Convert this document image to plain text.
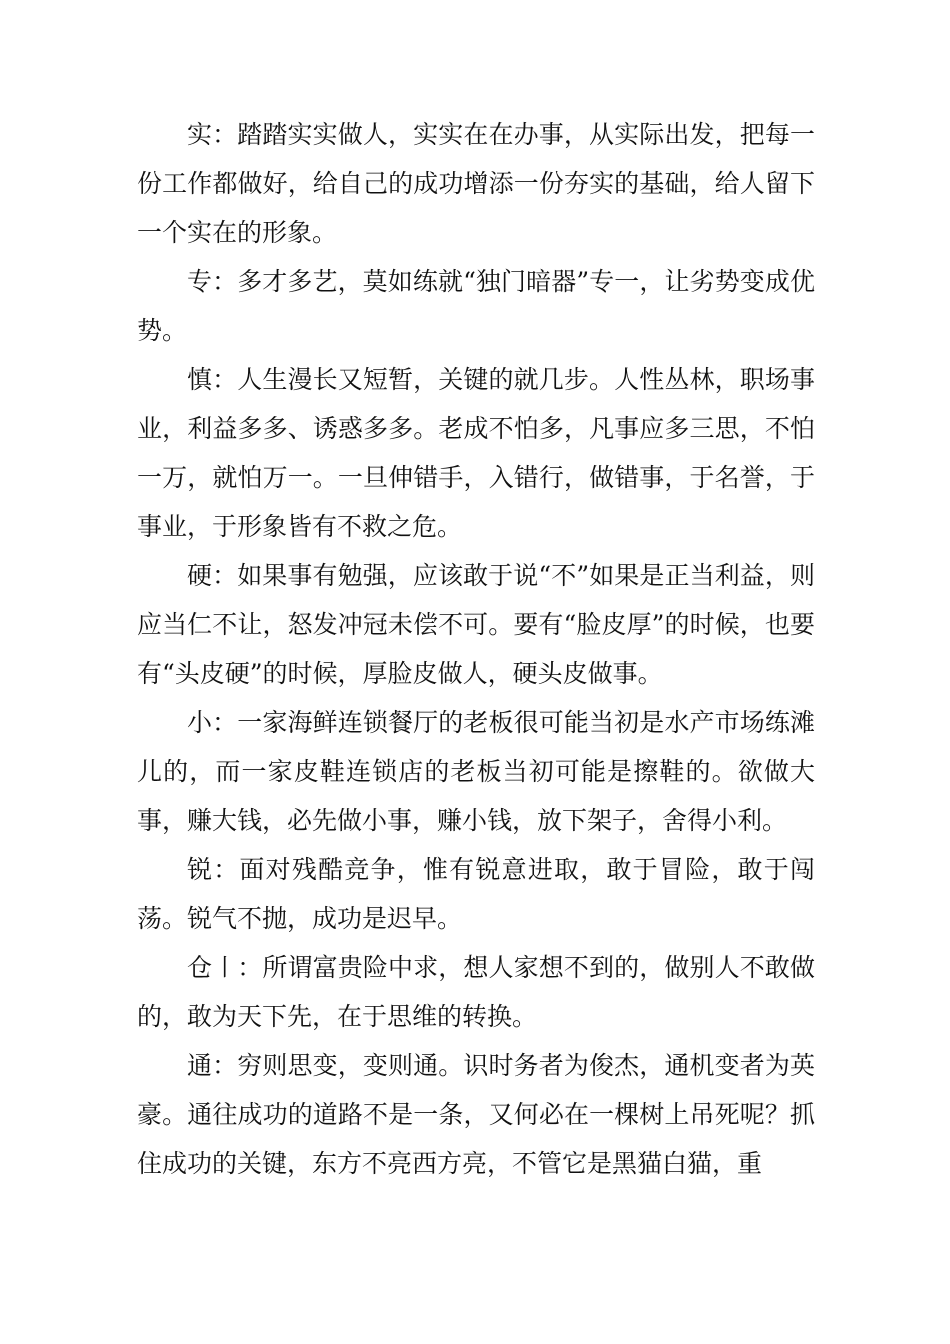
实：踏踏实实做人，实实在在办事，从实际出发，把每一份工作都做好，给自己的成功增添一份夯实的基础，给人留下一个实在的形象。

专：多才多艺，莫如练就“独门暗器”专一，让劣势变成优势。

慎：人生漫长又短暂，关键的就几步。人性丛林，职场事业，利益多多、诱惑多多。老成不怕多，凡事应多三思，不怕一万，就怕万一。一旦伸错手，入错行，做错事，于名誉，于事业，于形象皆有不救之危。

硬：如果事有勉强，应该敢于说“不”如果是正当利益，则应当仁不让，怒发冲冠未偿不可。要有“脸皮厚”的时候，也要有“头皮硬”的时候，厚脸皮做人，硬头皮做事。

小：一家海鲜连锁餐厅的老板很可能当初是水产市场练滩儿的，而一家皮鞋连锁店的老板当初可能是擦鞋的。欲做大事，赚大钱，必先做小事，赚小钱，放下架子，舍得小利。

锐：面对残酷竞争，惟有锐意进取，敢于冒险，敢于闯荡。锐气不抛，成功是迟早。

仓〡：所谓富贵险中求，想人家想不到的，做别人不敢做的，敢为天下先，在于思维的转换。

通：穷则思变，变则通。识时务者为俊杰，通机变者为英豪。通往成功的道路不是一条，又何必在一棵树上吊死呢？抓住成功的关键，东方不亮西方亮，不管它是黑猫白猫，重
